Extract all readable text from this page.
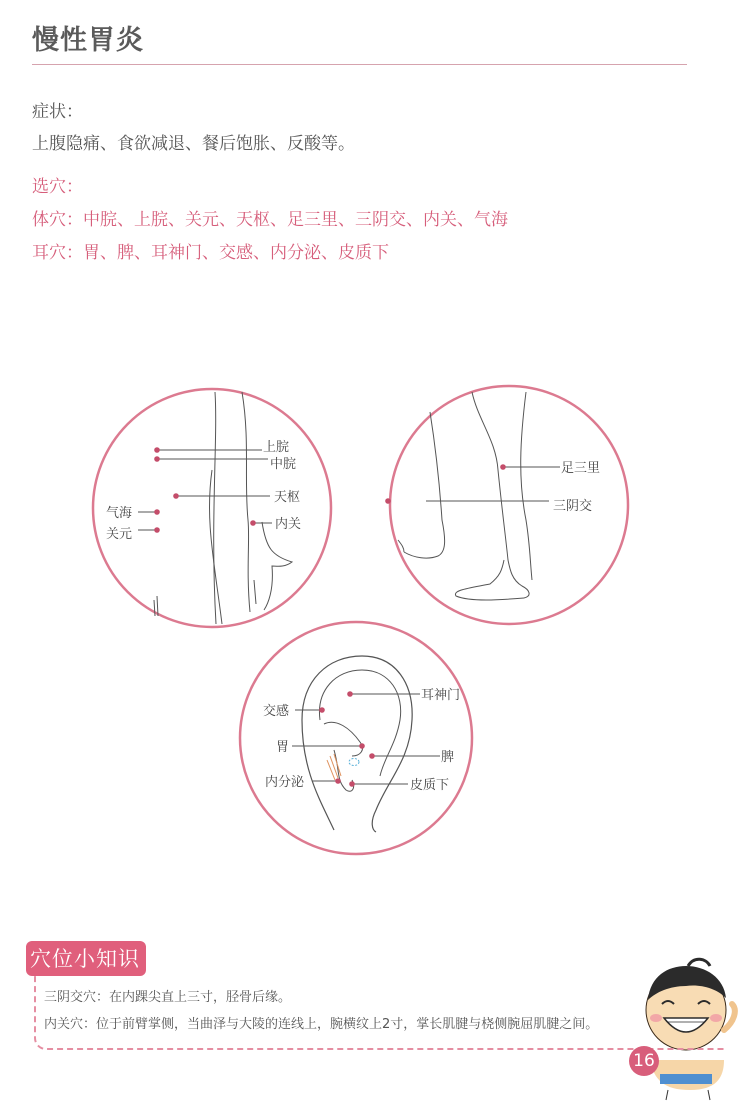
慢性胃炎
症状：
上腹隐痛、食欲减退、餐后饱胀、反酸等。
选穴：
体穴：中脘、上脘、关元、天枢、足三里、三阴交、内关、气海
耳穴：胃、脾、耳神门、交感、内分泌、皮质下
上脘
中脘
天枢
气海
关元
内关
足三里
三阴交
耳神门
交感
胃
脾
内分泌	皮质下
穴位小知识
三阴交穴：在内踝尖直上三寸，胫骨后缘。
内关穴：位于前臂掌侧，当曲泽与大陵的连线上，腕横纹上2寸，掌长肌腱与桡侧腕屈肌腱之间。
16
